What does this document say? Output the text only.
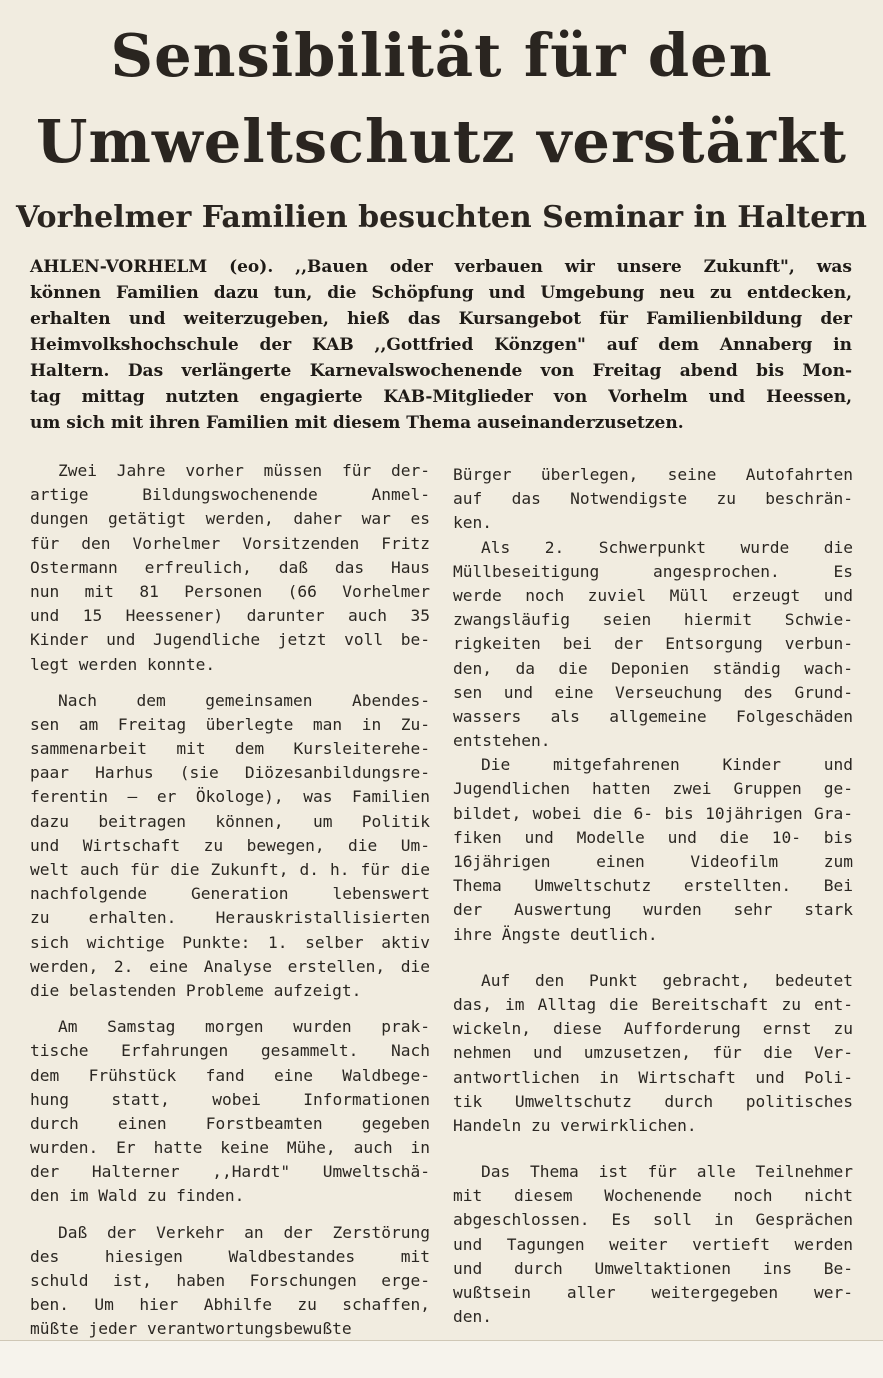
Sensibilität für den
Umweltschutz verstärkt
Vorhelmer Familien besuchten Seminar in Haltern
AHLEN-VORHELM (eo). ,,Bauen oder verbauen wir unsere Zukunft", was
können Familien dazu tun, die Schöpfung und Umgebung neu zu entdecken,
erhalten und weiterzugeben, hieß das Kursangebot für Familienbildung der
Heimvolkshochschule der KAB ,,Gottfried Könzgen" auf dem Annaberg in
Haltern. Das verlängerte Karnevalswochenende von Freitag abend bis Mon-
tag mittag nutzten engagierte KAB-Mitglieder von Vorhelm und Heessen,
um sich mit ihren Familien mit diesem Thema auseinanderzusetzen.
Zwei Jahre vorher müssen für der-
artige Bildungswochenende Anmel-
dungen getätigt werden, daher war es
für den Vorhelmer Vorsitzenden Fritz
Ostermann erfreulich, daß das Haus
nun mit 81 Personen (66 Vorhelmer
und 15 Heessener) darunter auch 35
Kinder und Jugendliche jetzt voll be-
legt werden konnte.
Nach dem gemeinsamen Abendes-
sen am Freitag überlegte man in Zu-
sammenarbeit mit dem Kursleiterehe-
paar Harhus (sie Diözesanbildungsre-
ferentin — er Ökologe), was Familien
dazu beitragen können, um Politik
und Wirtschaft zu bewegen, die Um-
welt auch für die Zukunft, d. h. für die
nachfolgende Generation lebenswert
zu erhalten. Herauskristallisierten
sich wichtige Punkte: 1. selber aktiv
werden, 2. eine Analyse erstellen, die
die belastenden Probleme aufzeigt.
Am Samstag morgen wurden prak-
tische Erfahrungen gesammelt. Nach
dem Frühstück fand eine Waldbege-
hung statt, wobei Informationen
durch einen Forstbeamten gegeben
wurden. Er hatte keine Mühe, auch in
der Halterner ,,Hardt" Umweltschä-
den im Wald zu finden.
Daß der Verkehr an der Zerstörung
des hiesigen Waldbestandes mit
schuld ist, haben Forschungen erge-
ben. Um hier Abhilfe zu schaffen,
müßte jeder verantwortungsbewußte
Bürger überlegen, seine Autofahrten
auf das Notwendigste zu beschrän-
ken.
Als 2. Schwerpunkt wurde die
Müllbeseitigung angesprochen. Es
werde noch zuviel Müll erzeugt und
zwangsläufig seien hiermit Schwie-
rigkeiten bei der Entsorgung verbun-
den, da die Deponien ständig wach-
sen und eine Verseuchung des Grund-
wassers als allgemeine Folgeschäden
entstehen.
Die mitgefahrenen Kinder und
Jugendlichen hatten zwei Gruppen ge-
bildet, wobei die 6- bis 10jährigen Gra-
fiken und Modelle und die 10- bis
16jährigen einen Videofilm zum
Thema Umweltschutz erstellten. Bei
der Auswertung wurden sehr stark
ihre Ängste deutlich.
Auf den Punkt gebracht, bedeutet
das, im Alltag die Bereitschaft zu ent-
wickeln, diese Aufforderung ernst zu
nehmen und umzusetzen, für die Ver-
antwortlichen in Wirtschaft und Poli-
tik Umweltschutz durch politisches
Handeln zu verwirklichen.
Das Thema ist für alle Teilnehmer
mit diesem Wochenende noch nicht
abgeschlossen. Es soll in Gesprächen
und Tagungen weiter vertieft werden
und durch Umweltaktionen ins Be-
wußtsein aller weitergegeben wer-
den.
